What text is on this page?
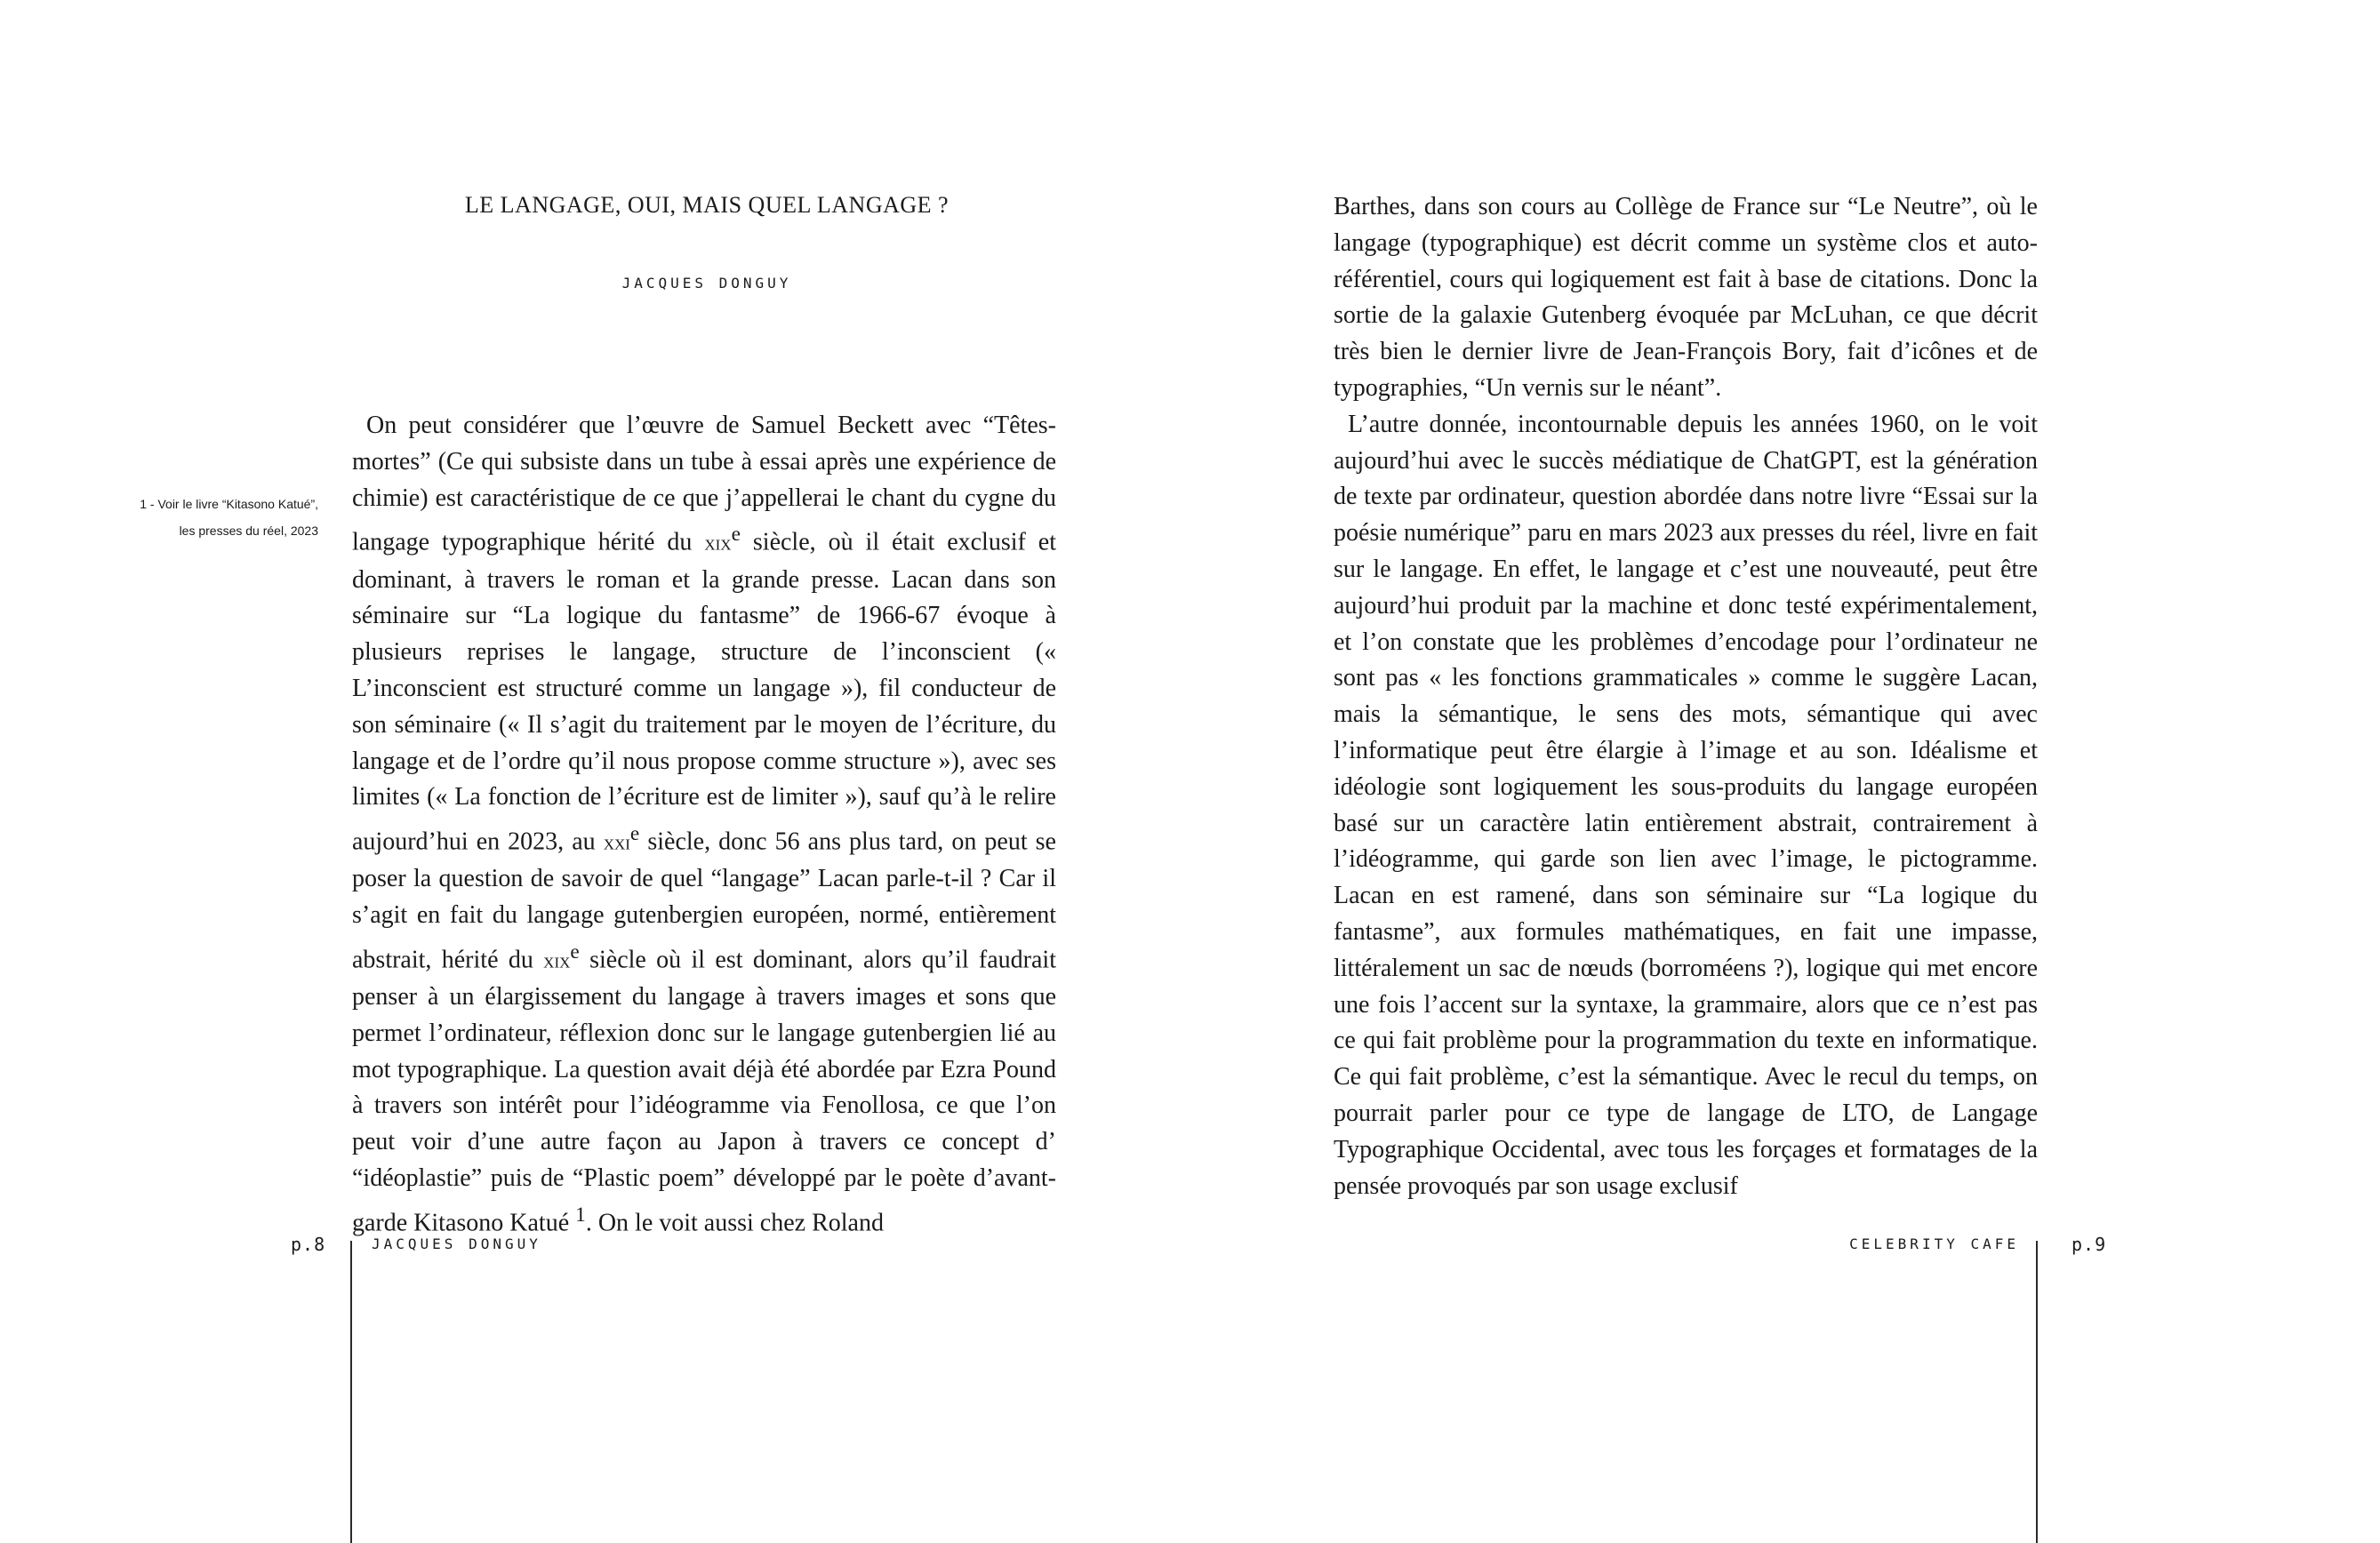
LE LANGAGE, OUI, MAIS QUEL LANGAGE ?
JACQUES DONGUY
1 - Voir le livre “Kitasono Katué”,
les presses du réel, 2023

On peut considérer que l’œuvre de Samuel Beckett avec “Têtes-mortes” (Ce qui subsiste dans un tube à essai après une expérience de chimie) est caractéristique de ce que j’appellerai le chant du cygne du langage typographique hérité du xix$^e$ siècle, où il était exclusif et dominant, à travers le roman et la grande presse. Lacan dans son séminaire sur “La logique du fantasme” de 1966-67 évoque à plusieurs reprises le langage, structure de l’inconscient (« L’inconscient est structuré comme un langage »), fil conducteur de son séminaire (« Il s’agit du traitement par le moyen de l’écriture, du langage et de l’ordre qu’il nous propose comme structure »), avec ses limites (« La fonction de l’écriture est de limiter »), sauf qu’à le relire aujourd’hui en 2023, au xxi$^e$ siècle, donc 56 ans plus tard, on peut se poser la question de savoir de quel “langage” Lacan parle-t-il ? Car il s’agit en fait du langage gutenbergien européen, normé, entièrement abstrait, hérité du xix$^e$ siècle où il est dominant, alors qu’il faudrait penser à un élargissement du langage à travers images et sons que permet l’ordinateur, réflexion donc sur le langage gutenbergien lié au mot typographique. La question avait déjà été abordée par Ezra Pound à travers son intérêt pour l’idéogramme via Fenollosa, ce que l’on peut voir d’une autre façon au Japon à travers ce concept d’ “idéoplastie” puis de “Plastic poem” développé par le poète d’avant-garde Kitasono Katué $^1$. On le voit aussi chez Roland

p.8	JACQUES DONGUY

Barthes, dans son cours au Collège de France sur “Le Neutre”, où le langage (typographique) est décrit comme un système clos et auto-référentiel, cours qui logiquement est fait à base de citations. Donc la sortie de la galaxie Gutenberg évoquée par McLuhan, ce que décrit très bien le dernier livre de Jean-François Bory, fait d’icônes et de typographies, “Un vernis sur le néant”.

L’autre donnée, incontournable depuis les années 1960, on le voit aujourd’hui avec le succès médiatique de ChatGPT, est la génération de texte par ordinateur, question abordée dans notre livre “Essai sur la poésie numérique” paru en mars 2023 aux presses du réel, livre en fait sur le langage. En effet, le langage et c’est une nouveauté, peut être aujourd’hui produit par la machine et donc testé expérimentalement, et l’on constate que les problèmes d’encodage pour l’ordinateur ne sont pas « les fonctions grammaticales » comme le suggère Lacan, mais la sémantique, le sens des mots, sémantique qui avec l’informatique peut être élargie à l’image et au son. Idéalisme et idéologie sont logiquement les sous-produits du langage européen basé sur un caractère latin entièrement abstrait, contrairement à l’idéogramme, qui garde son lien avec l’image, le pictogramme. Lacan en est ramené, dans son séminaire sur “La logique du fantasme”, aux formules mathématiques, en fait une impasse, littéralement un sac de nœuds (borroméens ?), logique qui met encore une fois l’accent sur la syntaxe, la grammaire, alors que ce n’est pas ce qui fait problème pour la programmation du texte en informatique. Ce qui fait problème, c’est la sémantique. Avec le recul du temps, on pourrait parler pour ce type de langage de LTO, de Langage Typographique Occidental, avec tous les forçages et formatages de la pensée provoqués par son usage exclusif

CELEBRITY CAFE	p.9
